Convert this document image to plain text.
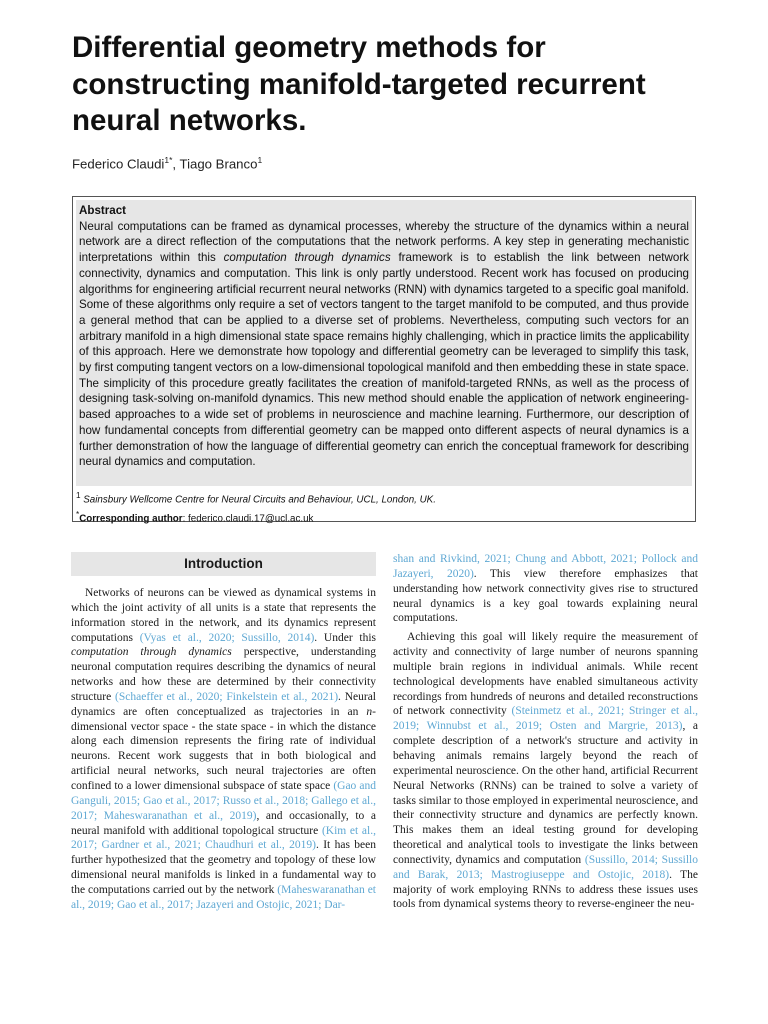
Differential geometry methods for constructing manifold-targeted recurrent neural networks.
Federico Claudi$^{1*}$, Tiago Branco$^1$
Abstract

Neural computations can be framed as dynamical processes, whereby the structure of the dynamics within a neural network are a direct reflection of the computations that the network performs. A key step in generating mechanistic interpretations within this computation through dynamics framework is to establish the link between network connectivity, dynamics and computation. This link is only partly understood. Recent work has focused on producing algorithms for engineering artificial recurrent neural networks (RNN) with dynamics targeted to a specific goal manifold. Some of these algorithms only require a set of vectors tangent to the target manifold to be computed, and thus provide a general method that can be applied to a diverse set of problems. Nevertheless, computing such vectors for an arbitrary manifold in a high dimensional state space remains highly challenging, which in practice limits the applicability of this approach. Here we demonstrate how topology and differential geometry can be leveraged to simplify this task, by first computing tangent vectors on a low-dimensional topological manifold and then embedding these in state space. The simplicity of this procedure greatly facilitates the creation of manifold-targeted RNNs, as well as the process of designing task-solving on-manifold dynamics. This new method should enable the application of network engineering-based approaches to a wide set of problems in neuroscience and machine learning. Furthermore, our description of how fundamental concepts from differential geometry can be mapped onto different aspects of neural dynamics is a further demonstration of how the language of differential geometry can enrich the conceptual framework for describing neural dynamics and computation.

$^1$ Sainsbury Wellcome Centre for Neural Circuits and Behaviour, UCL, London, UK.
*Corresponding author: federico.claudi.17@ucl.ac.uk
Introduction

Networks of neurons can be viewed as dynamical systems in which the joint activity of all units is a state that represents the information stored in the network, and its dynamics represent computations (Vyas et al., 2020; Sussillo, 2014). Under this computation through dynamics perspective, understanding neuronal computation requires describing the dynamics of neural networks and how these are determined by their connectivity structure (Schaeffer et al., 2020; Finkelstein et al., 2021). Neural dynamics are often conceptualized as trajectories in an n-dimensional vector space - the state space - in which the distance along each dimension represents the firing rate of individual neurons. Recent work suggests that in both biological and artificial neural networks, such neural trajectories are often confined to a lower dimensional subspace of state space (Gao and Ganguli, 2015; Gao et al., 2017; Russo et al., 2018; Gallego et al., 2017; Maheswaranathan et al., 2019), and occasionally, to a neural manifold with additional topological structure (Kim et al., 2017; Gardner et al., 2021; Chaudhuri et al., 2019). It has been further hypothesized that the geometry and topology of these low dimensional neural manifolds is linked in a fundamental way to the computations carried out by the network (Maheswaranathan et al., 2019; Gao et al., 2017; Jazayeri and Ostojic, 2021; Dar-

shan and Rivkind, 2021; Chung and Abbott, 2021; Pollock and Jazayeri, 2020). This view therefore emphasizes that understanding how network connectivity gives rise to structured neural dynamics is a key goal towards explaining neural computations.

Achieving this goal will likely require the measurement of activity and connectivity of large number of neurons spanning multiple brain regions in individual animals. While recent technological developments have enabled simultaneous activity recordings from hundreds of neurons and detailed reconstructions of network connectivity (Steinmetz et al., 2021; Stringer et al., 2019; Winnubst et al., 2019; Osten and Margrie, 2013), a complete description of a network's structure and activity in behaving animals remains largely beyond the reach of experimental neuroscience. On the other hand, artificial Recurrent Neural Networks (RNNs) can be trained to solve a variety of tasks similar to those employed in experimental neuroscience, and their connectivity structure and dynamics are perfectly known. This makes them an ideal testing ground for developing theoretical and analytical tools to investigate the links between connectivity, dynamics and computation (Sussillo, 2014; Sussillo and Barak, 2013; Mastrogiuseppe and Ostojic, 2018). The majority of work employing RNNs to address these issues uses tools from dynamical systems theory to reverse-engineer the neu-
